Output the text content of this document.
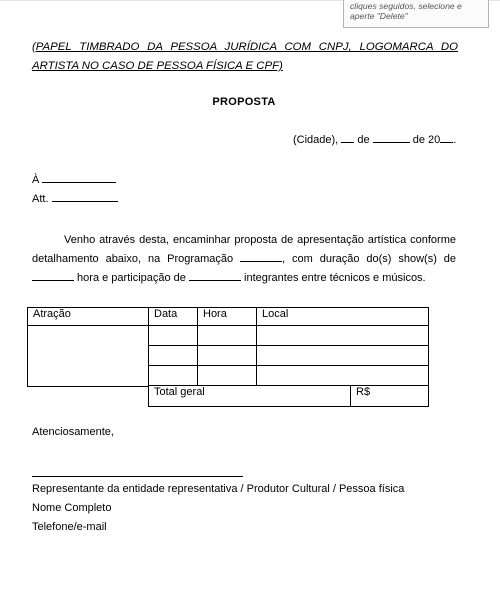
cliques seguidos, selecione e
aperte "Delete"
(PAPEL TIMBRADO DA PESSOA JURÍDICA COM CNPJ, LOGOMARCA DO ARTISTA NO CASO DE PESSOA FÍSICA E CPF)
PROPOSTA
(Cidade),  de	de 20 .
À
Att.
Venho através desta, encaminhar proposta de apresentação artística conforme detalhamento abaixo, na Programação	, com duração do(s) show(s) de  hora e participação de	integrantes entre técnicos e músicos.
Atração	Data	Hora	Local

Total geral	R$
Atenciosamente,
Representante da entidade representativa / Produtor Cultural / Pessoa física
Nome Completo
Telefone/e-mail
